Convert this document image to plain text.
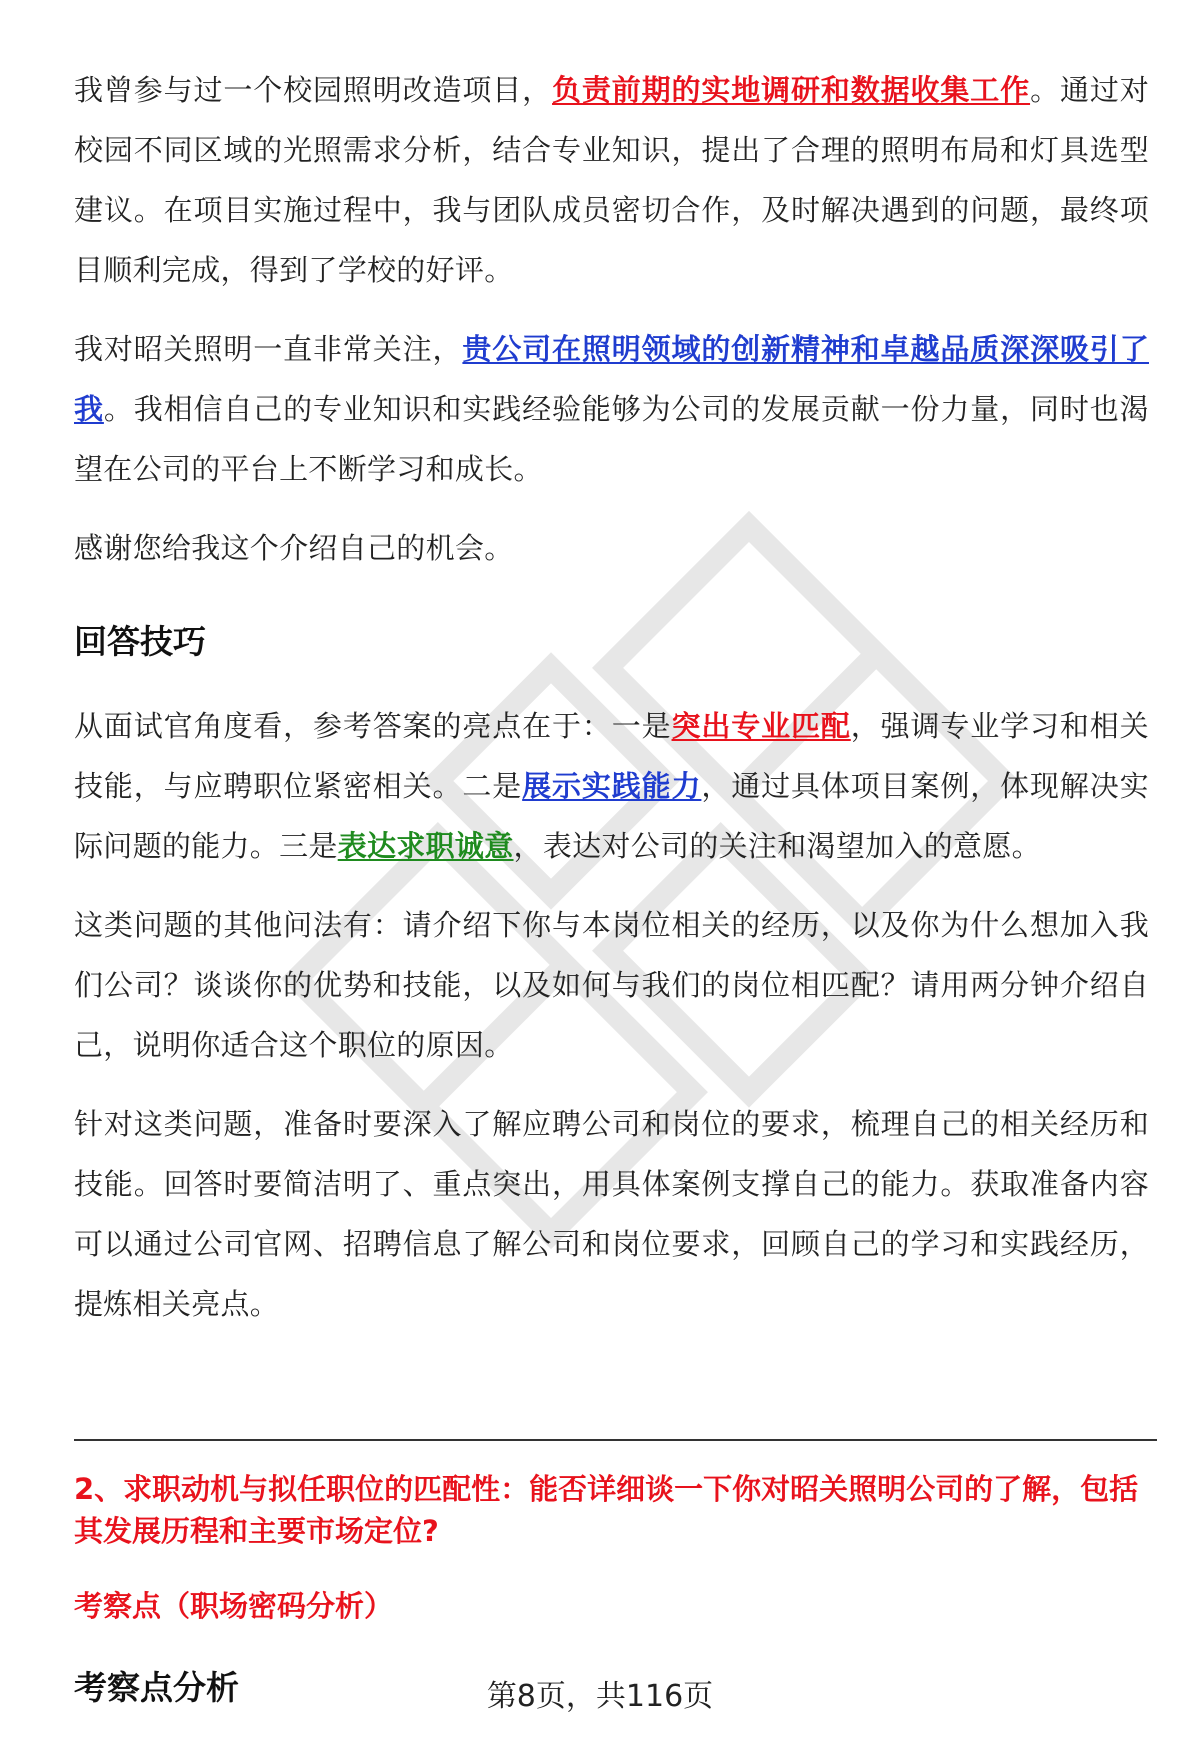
我曾参与过一个校园照明改造项目，负责前期的实地调研和数据收集工作。通过对校园不同区域的光照需求分析，结合专业知识，提出了合理的照明布局和灯具选型建议。在项目实施过程中，我与团队成员密切合作，及时解决遇到的问题，最终项目顺利完成，得到了学校的好评。

我对昭关照明一直非常关注，贵公司在照明领域的创新精神和卓越品质深深吸引了我。我相信自己的专业知识和实践经验能够为公司的发展贡献一份力量，同时也渴望在公司的平台上不断学习和成长。

感谢您给我这个介绍自己的机会。

回答技巧

从面试官角度看，参考答案的亮点在于：一是突出专业匹配，强调专业学习和相关技能，与应聘职位紧密相关。二是展示实践能力，通过具体项目案例，体现解决实际问题的能力。三是表达求职诚意，表达对公司的关注和渴望加入的意愿。

这类问题的其他问法有：请介绍下你与本岗位相关的经历，以及你为什么想加入我们公司？谈谈你的优势和技能，以及如何与我们的岗位相匹配？请用两分钟介绍自己，说明你适合这个职位的原因。

针对这类问题，准备时要深入了解应聘公司和岗位的要求，梳理自己的相关经历和技能。回答时要简洁明了、重点突出，用具体案例支撑自己的能力。获取准备内容可以通过公司官网、招聘信息了解公司和岗位要求，回顾自己的学习和实践经历，提炼相关亮点。

2、求职动机与拟任职位的匹配性：能否详细谈一下你对昭关照明公司的了解，包括其发展历程和主要市场定位?

考察点（职场密码分析）

考察点分析	第8页，共116页
